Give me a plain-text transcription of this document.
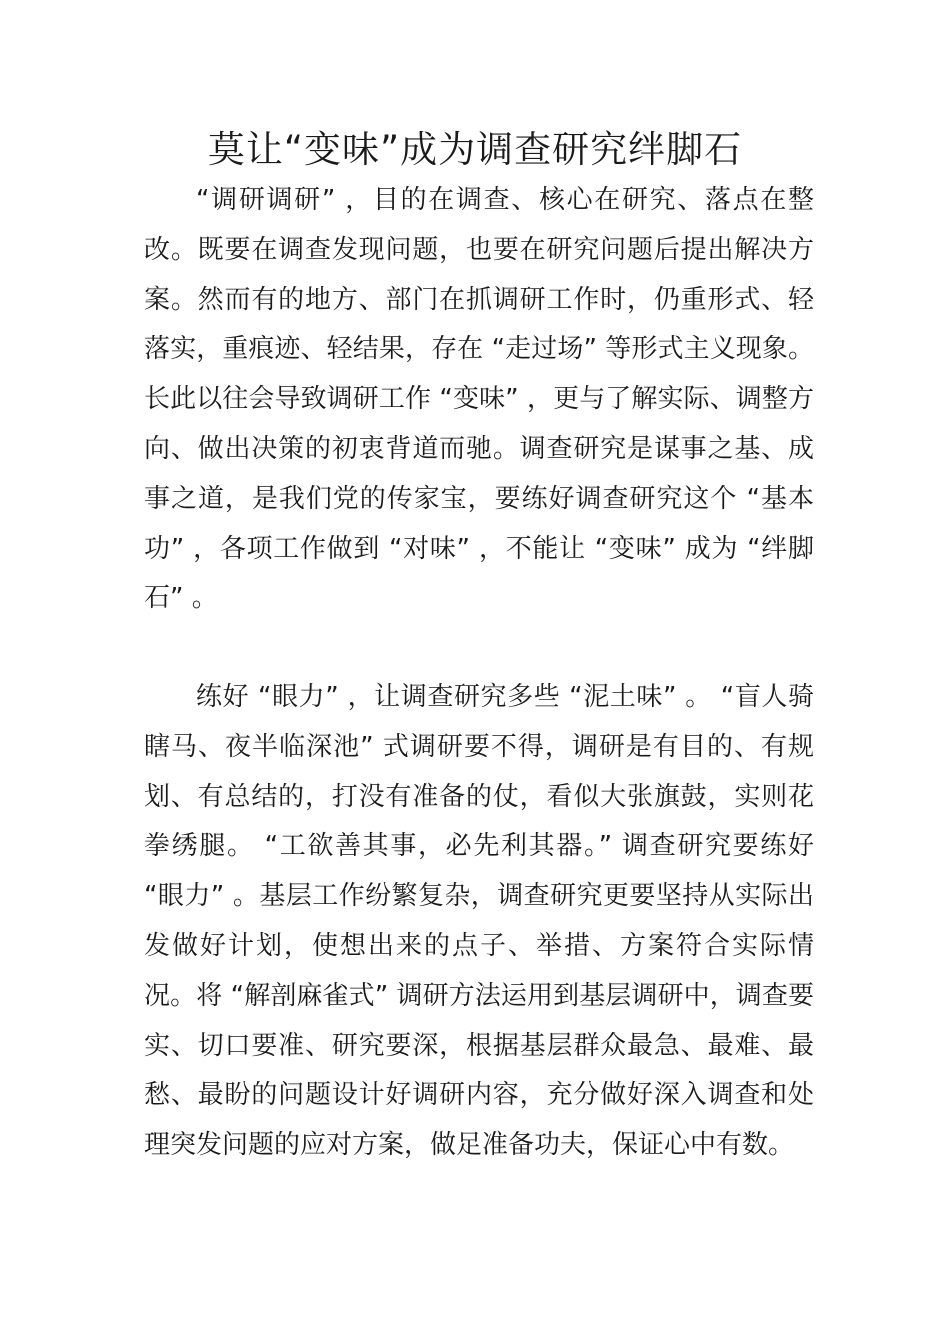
莫让“变味”成为调查研究绊脚石

“调研调研” ，目的在调查、核心在研究、落点在整改。既要在调查发现问题，也要在研究问题后提出解决方案。然而有的地方、部门在抓调研工作时，仍重形式、轻落实，重痕迹、轻结果，存在 “走过场” 等形式主义现象。长此以往会导致调研工作 “变味” ，更与了解实际、调整方向、做出决策的初衷背道而驰。调查研究是谋事之基、成事之道，是我们党的传家宝，要练好调查研究这个 “基本功” ，各项工作做到 “对味” ，不能让 “变味” 成为 “绊脚石” 。

练好 “眼力” ，让调查研究多些 “泥土味” 。 “盲人骑瞎马、夜半临深池” 式调研要不得，调研是有目的、有规划、有总结的，打没有准备的仗，看似大张旗鼓，实则花拳绣腿。 “工欲善其事，必先利其器。” 调查研究要练好 “眼力” 。基层工作纷繁复杂，调查研究更要坚持从实际出发做好计划，使想出来的点子、举措、方案符合实际情况。将 “解剖麻雀式” 调研方法运用到基层调研中，调查要实、切口要准、研究要深，根据基层群众最急、最难、最愁、最盼的问题设计好调研内容，充分做好深入调查和处理突发问题的应对方案，做足准备功夫，保证心中有数。
